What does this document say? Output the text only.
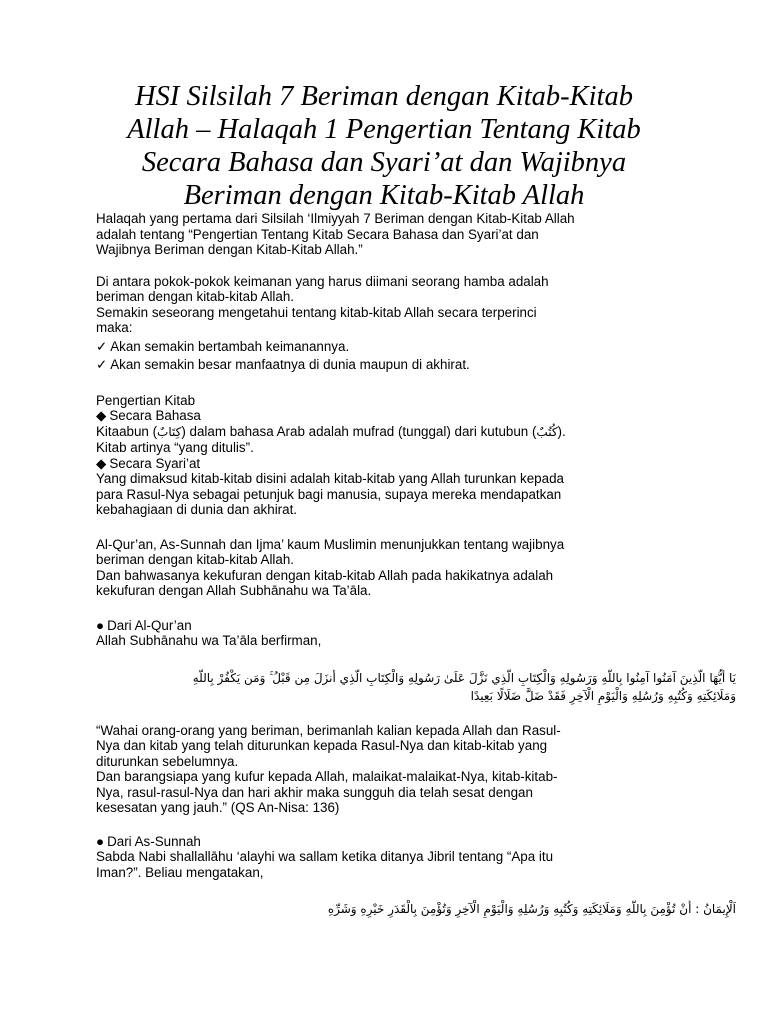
HSI Silsilah 7 Beriman dengan Kitab-Kitab
Allah – Halaqah 1 Pengertian Tentang Kitab
Secara Bahasa dan Syari’at dan Wajibnya
Beriman dengan Kitab-Kitab Allah
Halaqah yang pertama dari Silsilah ‘Ilmiyyah 7 Beriman dengan Kitab-Kitab Allah
adalah tentang “Pengertian Tentang Kitab Secara Bahasa dan Syari’at dan
Wajibnya Beriman dengan Kitab-Kitab Allah.”
Di antara pokok-pokok keimanan yang harus diimani seorang hamba adalah
beriman dengan kitab-kitab Allah.
Semakin seseorang mengetahui tentang kitab-kitab Allah secara terperinci
maka:
✓ Akan semakin bertambah keimanannya.
✓ Akan semakin besar manfaatnya di dunia maupun di akhirat.
Pengertian Kitab
◆ Secara Bahasa
Kitaabun (كِتَابٌ) dalam bahasa Arab adalah mufrad (tunggal) dari kutubun (كُتُبٌ).
Kitab artinya “yang ditulis”.
◆ Secara Syari’at
Yang dimaksud kitab-kitab disini adalah kitab-kitab yang Allah turunkan kepada
para Rasul-Nya sebagai petunjuk bagi manusia, supaya mereka mendapatkan
kebahagiaan di dunia dan akhirat.
Al-Qur’an, As-Sunnah dan Ijma’ kaum Muslimin menunjukkan tentang wajibnya
beriman dengan kitab-kitab Allah.
Dan bahwasanya kekufuran dengan kitab-kitab Allah pada hakikatnya adalah
kekufuran dengan Allah Subhānahu wa Ta’āla.
● Dari Al-Qur’an
Allah Subhānahu wa Ta’āla berfirman,
يَا أَيُّهَا الَّذِينَ آمَنُوا آمِنُوا بِاللَّهِ وَرَسُولِهِ وَالْكِتَابِ الَّذِي نَزَّلَ عَلَىٰ رَسُولِهِ وَالْكِتَابِ الَّذِي أَنزَلَ مِن قَبْلُ ۚ وَمَن يَكْفُرْ بِاللَّهِ
وَمَلَائِكَتِهِ وَكُتُبِهِ وَرُسُلِهِ وَالْيَوْمِ الْآخِرِ فَقَدْ ضَلَّ ضَلَالًا بَعِيدًا
“Wahai orang-orang yang beriman, berimanlah kalian kepada Allah dan Rasul-
Nya dan kitab yang telah diturunkan kepada Rasul-Nya dan kitab-kitab yang
diturunkan sebelumnya.
Dan barangsiapa yang kufur kepada Allah, malaikat-malaikat-Nya, kitab-kitab-
Nya, rasul-rasul-Nya dan hari akhir maka sungguh dia telah sesat dengan
kesesatan yang jauh.” (QS An-Nisa: 136)
● Dari As-Sunnah
Sabda Nabi shallallāhu ‘alayhi wa sallam ketika ditanya Jibril tentang “Apa itu
Iman?”. Beliau mengatakan,
اَلْإِيمَانُ : أَنْ تُؤْمِنَ بِاللَّهِ وَمَلَائِكَتِهِ وَكُتُبِهِ وَرُسُلِهِ وَالْيَوْمِ الْآخِرِ وَتُؤْمِنَ بِالْقَدَرِ خَيْرِهِ وَشَرِّهِ
